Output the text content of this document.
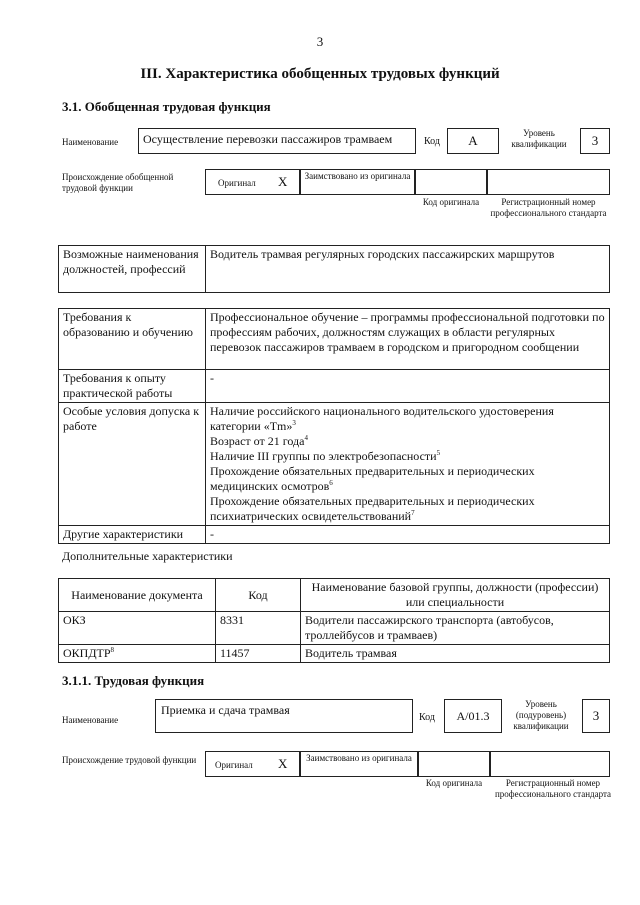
3
III. Характеристика обобщенных трудовых функций
3.1. Обобщенная трудовая функция
Наименование	Осуществление перевозки пассажиров трамваем	Код	A	Уровень квалификации	3
Происхождение обобщенной трудовой функции	Оригинал X	Заимствовано из оригинала
Код оригинала	Регистрационный номер профессионального стандарта
Возможные наименования должностей, профессий	Водитель трамвая регулярных городских пассажирских маршрутов
Требования к образованию и обучению	Профессиональное обучение – программы профессиональной подготовки по профессиям рабочих, должностям служащих в области регулярных перевозок пассажиров трамваем в городском и пригородном сообщении
Требования к опыту практической работы	-
Особые условия допуска к работе	Наличие российского национального водительского удостоверения категории «Tm»$^3$
Возраст от 21 года$^4$
Наличие III группы по электробезопасности$^5$
Прохождение обязательных предварительных и периодических медицинских осмотров$^6$
Прохождение обязательных предварительных и периодических психиатрических освидетельствований$^7$

Другие характеристики	-
Дополнительные характеристики
Наименование документа	Код	Наименование базовой группы, должности (профессии) или специальности
ОКЗ	8331	Водители пассажирского транспорта (автобусов, троллейбусов и трамваев)
ОКПДТР$^8$	11457	Водитель трамвая
3.1.1. Трудовая функция
Наименование
Приемка и сдача трамвая
Код	A/01.3
Уровень (подуровень) квалификации
3
Происхождение трудовой функции	Оригинал X	Заимствовано из оригинала
Код оригинала	Регистрационный номер профессионального стандарта
